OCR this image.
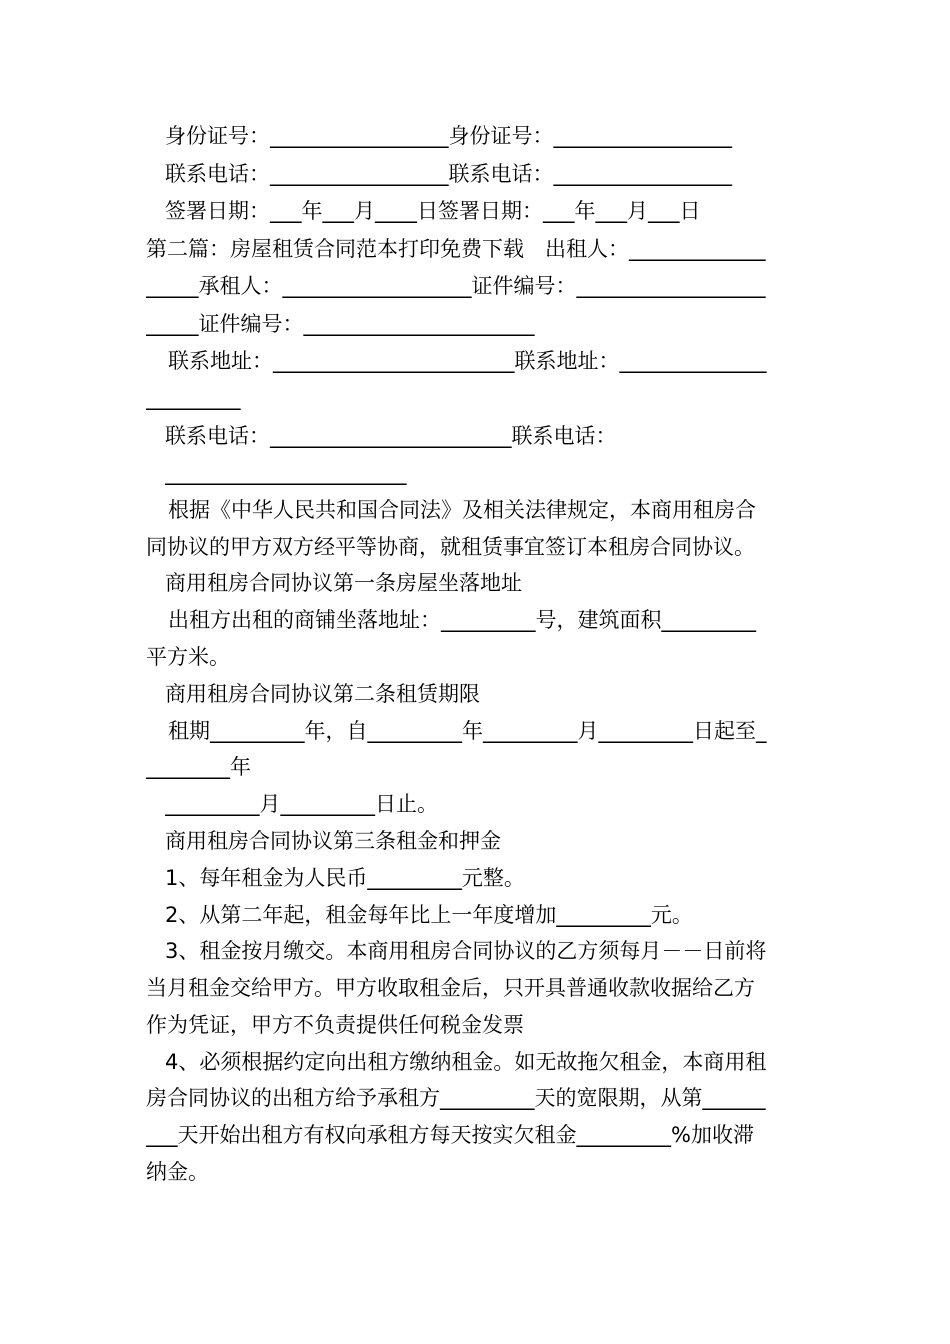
身份证号：_________________身份证号：_________________
联系电话：_________________联系电话：_________________
签署日期：___年___月____日签署日期：___年___月___日
第二篇：房屋租赁合同范本打印免费下载　出租人：_____________
_____承租人：__________________证件编号：__________________
_____证件编号：______________________
联系地址：_______________________联系地址：______________
_________
联系电话：_______________________联系电话：
_______________________
根据《中华人民共和国合同法》及相关法律规定，本商用租房合
同协议的甲方双方经平等协商，就租赁事宜签订本租房合同协议。
商用租房合同协议第一条房屋坐落地址
出租方出租的商铺坐落地址：_________号，建筑面积_________
平方米。
商用租房合同协议第二条租赁期限
租期_________年，自_________年_________月_________日起至_
________年
_________月_________日止。
商用租房合同协议第三条租金和押金
1、每年租金为人民币_________元整。
2、从第二年起，租金每年比上一年度增加_________元。
3、租金按月缴交。本商用租房合同协议的乙方须每月－－日前将
当月租金交给甲方。甲方收取租金后，只开具普通收款收据给乙方
作为凭证，甲方不负责提供任何税金发票
4、必须根据约定向出租方缴纳租金。如无故拖欠租金，本商用租
房合同协议的出租方给予承租方_________天的宽限期，从第______
___天开始出租方有权向承租方每天按实欠租金_________%加收滞
纳金。
